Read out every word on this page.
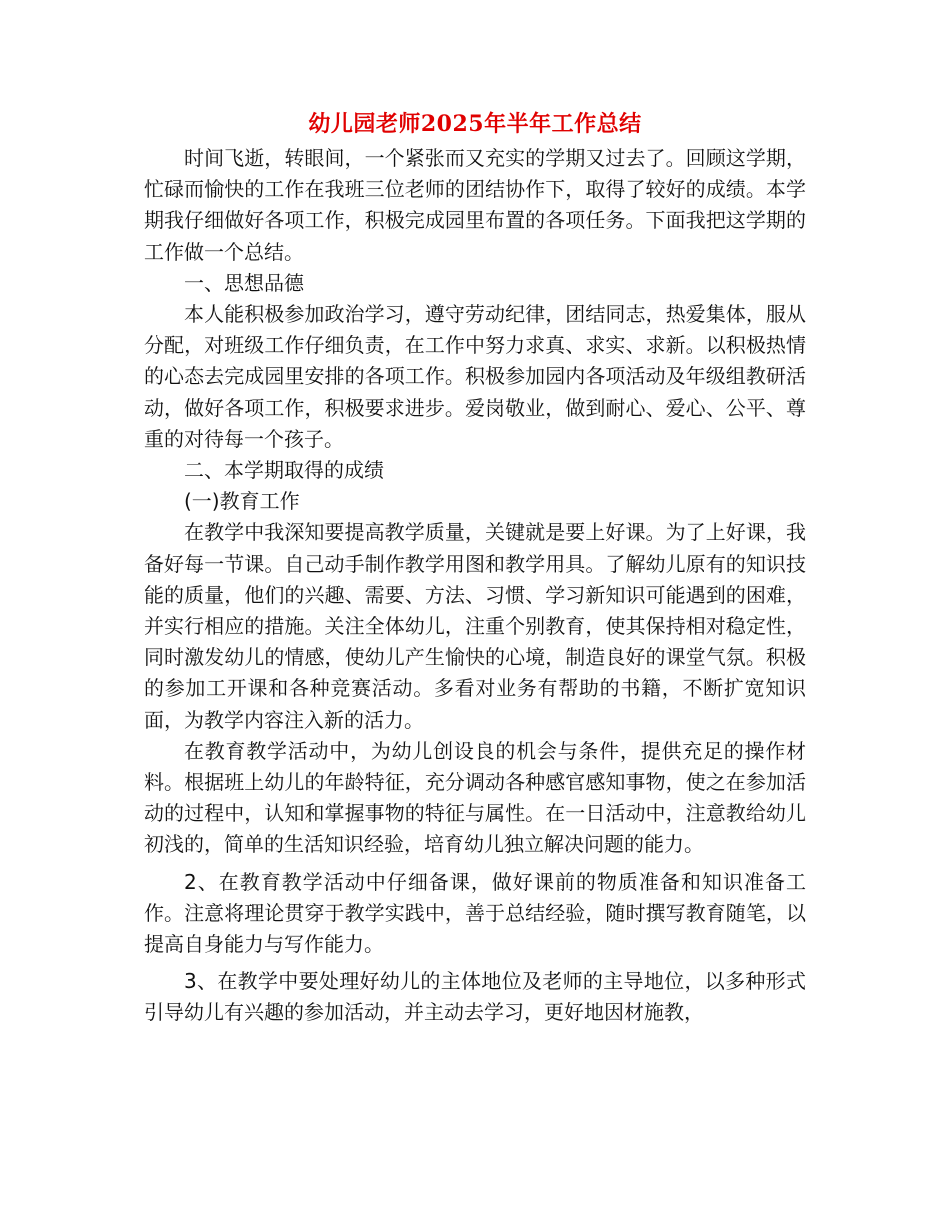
幼儿园老师2025年半年工作总结

时间飞逝，转眼间，一个紧张而又充实的学期又过去了。回顾这学期，忙碌而愉快的工作在我班三位老师的团结协作下，取得了较好的成绩。本学期我仔细做好各项工作，积极完成园里布置的各项任务。下面我把这学期的工作做一个总结。

一、思想品德

本人能积极参加政治学习，遵守劳动纪律，团结同志，热爱集体，服从分配，对班级工作仔细负责，在工作中努力求真、求实、求新。以积极热情的心态去完成园里安排的各项工作。积极参加园内各项活动及年级组教研活动，做好各项工作，积极要求进步。爱岗敬业，做到耐心、爱心、公平、尊重的对待每一个孩子。

二、本学期取得的成绩

(一)教育工作

在教学中我深知要提高教学质量，关键就是要上好课。为了上好课，我备好每一节课。自己动手制作教学用图和教学用具。了解幼儿原有的知识技能的质量，他们的兴趣、需要、方法、习惯、学习新知识可能遇到的困难，并实行相应的措施。关注全体幼儿，注重个别教育，使其保持相对稳定性，同时激发幼儿的情感，使幼儿产生愉快的心境，制造良好的课堂气氛。积极的参加工开课和各种竞赛活动。多看对业务有帮助的书籍，不断扩宽知识面，为教学内容注入新的活力。

在教育教学活动中，为幼儿创设良的机会与条件，提供充足的操作材料。根据班上幼儿的年龄特征，充分调动各种感官感知事物，使之在参加活动的过程中，认知和掌握事物的特征与属性。在一日活动中，注意教给幼儿初浅的，简单的生活知识经验，培育幼儿独立解决问题的能力。

2、在教育教学活动中仔细备课，做好课前的物质准备和知识准备工作。注意将理论贯穿于教学实践中，善于总结经验，随时撰写教育随笔，以提高自身能力与写作能力。

3、在教学中要处理好幼儿的主体地位及老师的主导地位，以多种形式引导幼儿有兴趣的参加活动，并主动去学习，更好地因材施教，
